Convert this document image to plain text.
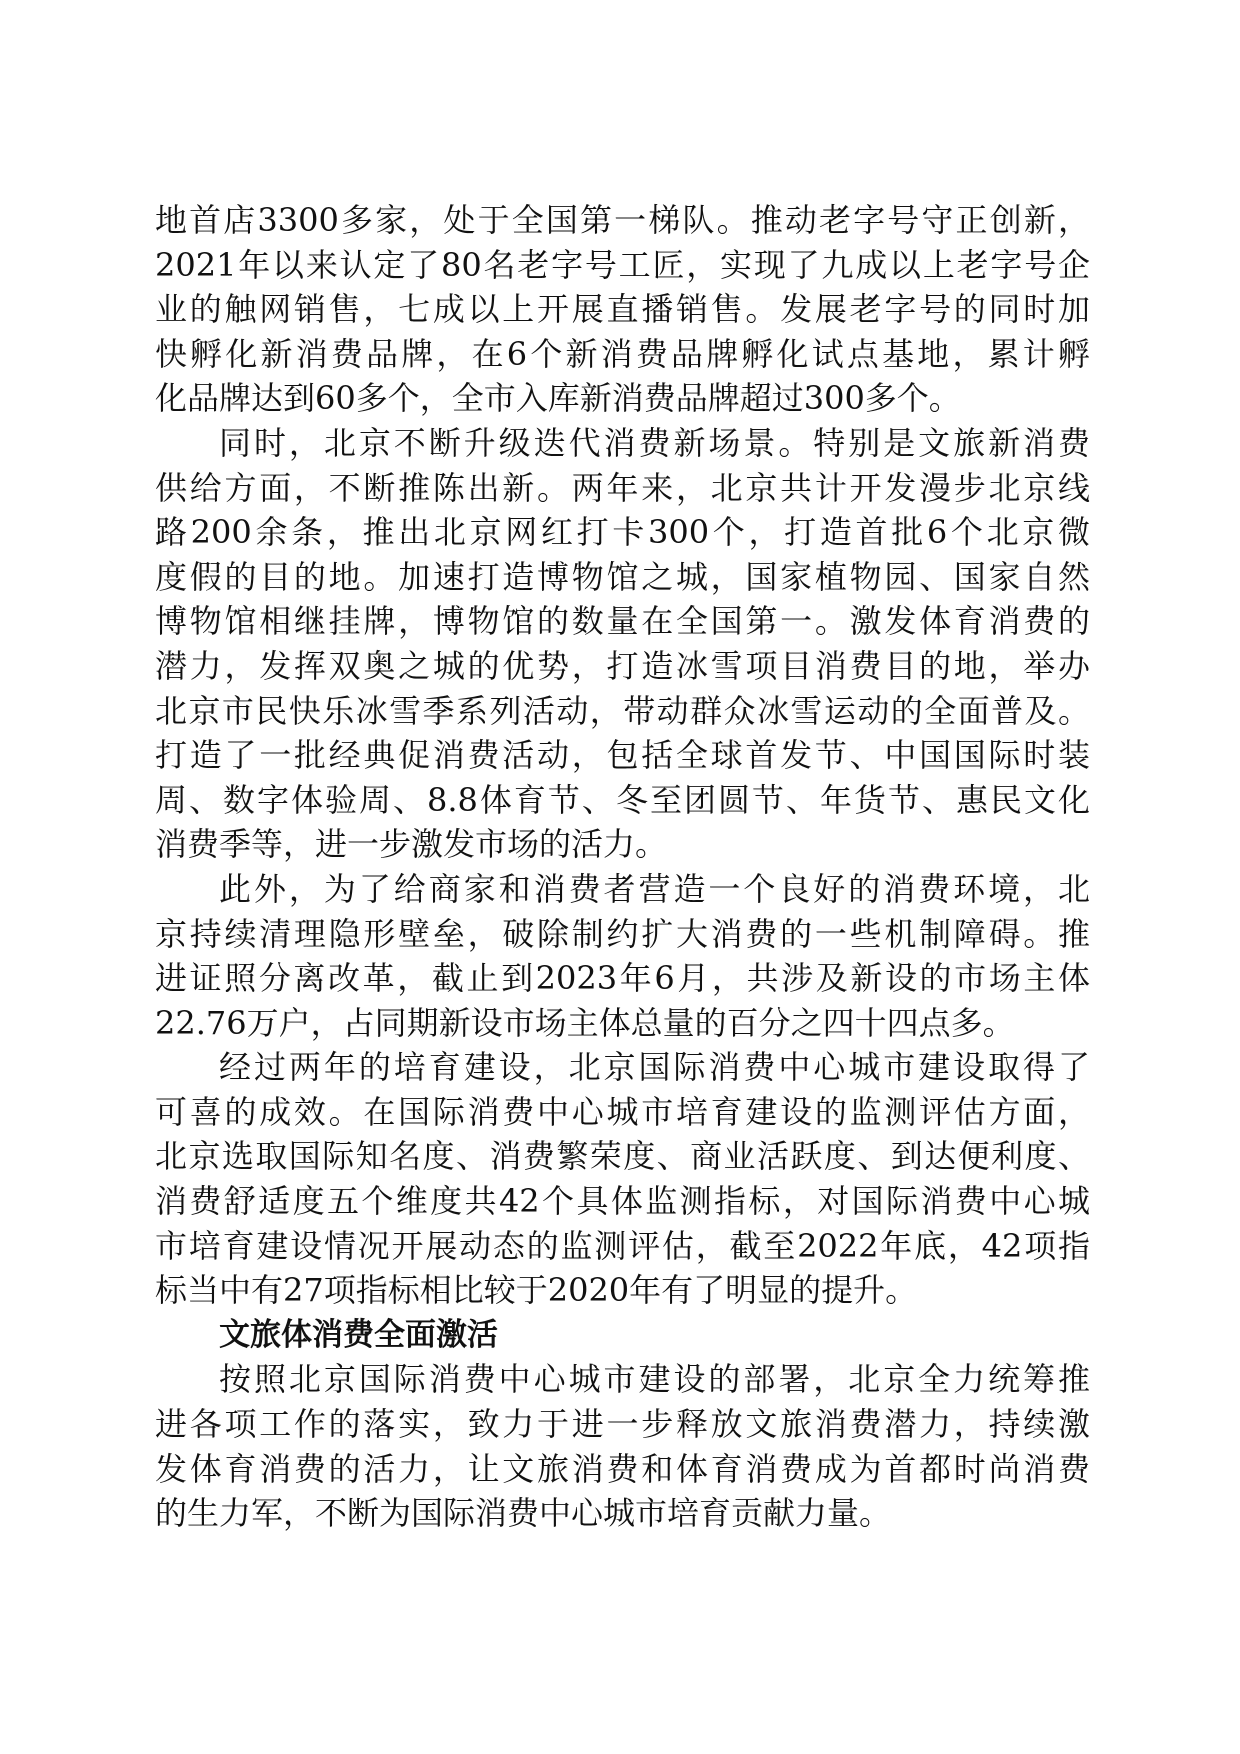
地首店3300多家，处于全国第一梯队。推动老字号守正创新，
2021年以来认定了80名老字号工匠，实现了九成以上老字号企
业的触网销售，七成以上开展直播销售。发展老字号的同时加
快孵化新消费品牌，在6个新消费品牌孵化试点基地，累计孵
化品牌达到60多个，全市入库新消费品牌超过300多个。
同时，北京不断升级迭代消费新场景。特别是文旅新消费
供给方面，不断推陈出新。两年来，北京共计开发漫步北京线
路200余条，推出北京网红打卡300个，打造首批6个北京微
度假的目的地。加速打造博物馆之城，国家植物园、国家自然
博物馆相继挂牌，博物馆的数量在全国第一。激发体育消费的
潜力，发挥双奥之城的优势，打造冰雪项目消费目的地，举办
北京市民快乐冰雪季系列活动，带动群众冰雪运动的全面普及。
打造了一批经典促消费活动，包括全球首发节、中国国际时装
周、数字体验周、8.8体育节、冬至团圆节、年货节、惠民文化
消费季等，进一步激发市场的活力。
此外，为了给商家和消费者营造一个良好的消费环境，北
京持续清理隐形壁垒，破除制约扩大消费的一些机制障碍。推
进证照分离改革，截止到2023年6月，共涉及新设的市场主体
22.76万户，占同期新设市场主体总量的百分之四十四点多。
经过两年的培育建设，北京国际消费中心城市建设取得了
可喜的成效。在国际消费中心城市培育建设的监测评估方面，
北京选取国际知名度、消费繁荣度、商业活跃度、到达便利度、
消费舒适度五个维度共42个具体监测指标，对国际消费中心城
市培育建设情况开展动态的监测评估，截至2022年底，42项指
标当中有27项指标相比较于2020年有了明显的提升。
文旅体消费全面激活
按照北京国际消费中心城市建设的部署，北京全力统筹推
进各项工作的落实，致力于进一步释放文旅消费潜力，持续激
发体育消费的活力，让文旅消费和体育消费成为首都时尚消费
的生力军，不断为国际消费中心城市培育贡献力量。
